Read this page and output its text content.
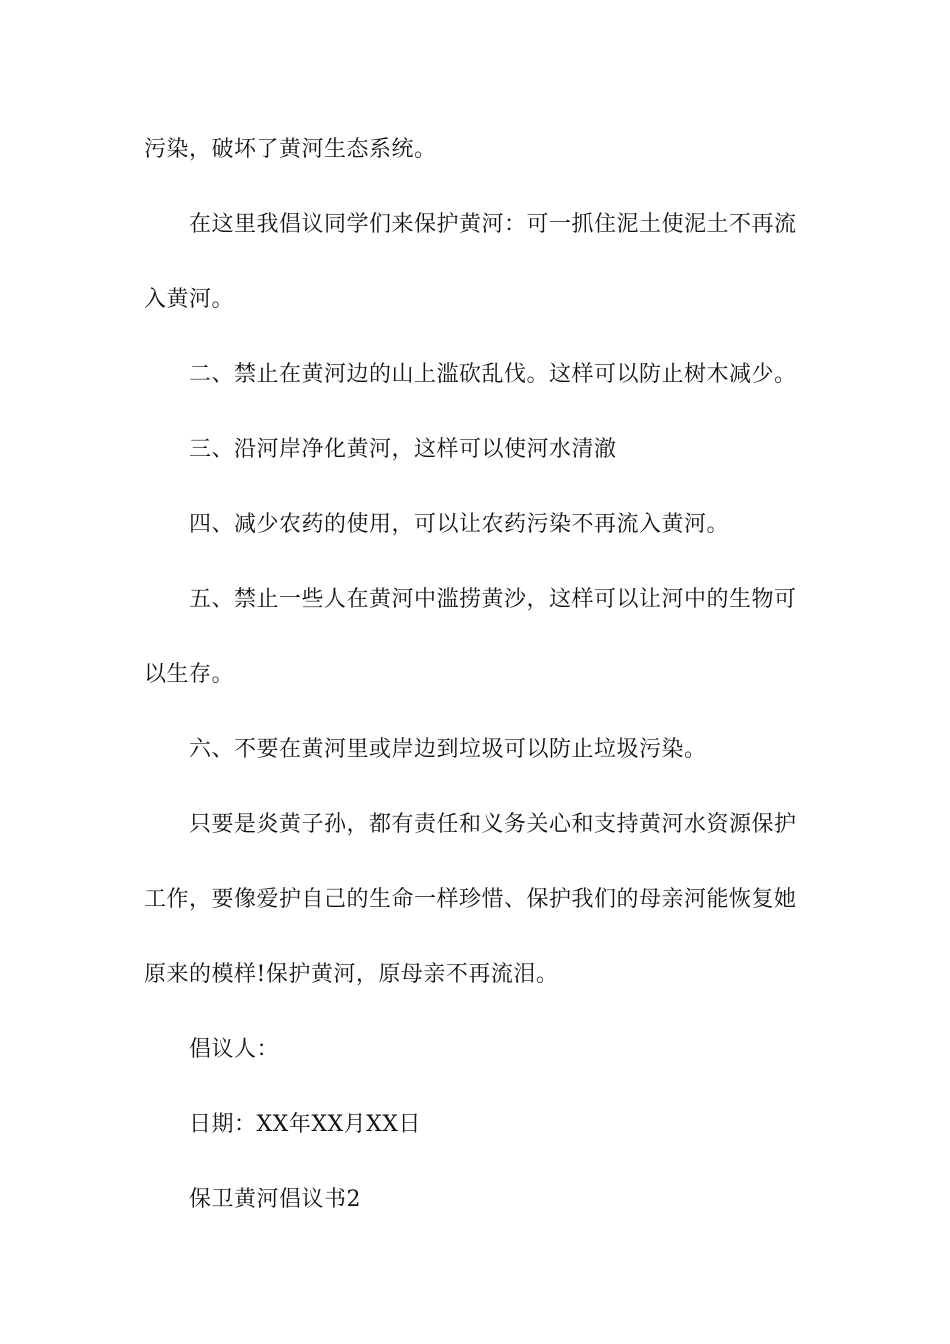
污染，破坏了黄河生态系统。

在这里我倡议同学们来保护黄河：可一抓住泥土使泥土不再流

入黄河。

二、禁止在黄河边的山上滥砍乱伐。这样可以防止树木减少。

三、沿河岸净化黄河，这样可以使河水清澈

四、减少农药的使用，可以让农药污染不再流入黄河。

五、禁止一些人在黄河中滥捞黄沙，这样可以让河中的生物可

以生存。

六、不要在黄河里或岸边到垃圾可以防止垃圾污染。

只要是炎黄子孙，都有责任和义务关心和支持黄河水资源保护

工作，要像爱护自己的生命一样珍惜、保护我们的母亲河能恢复她

原来的模样!保护黄河，原母亲不再流泪。

倡议人：

日期：XX年XX月XX日

保卫黄河倡议书2
